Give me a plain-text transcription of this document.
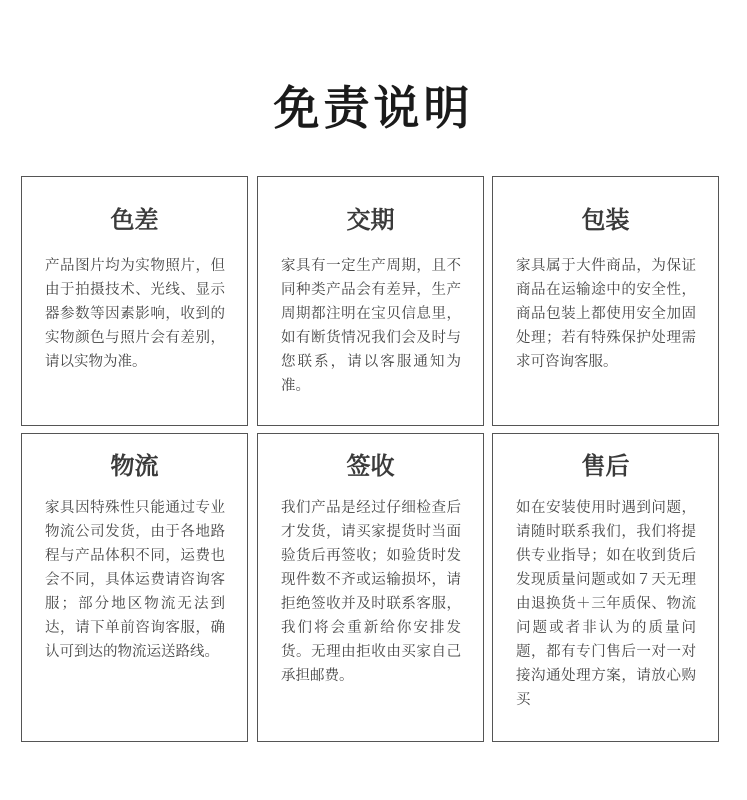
免责说明
色差
产品图片均为实物照片，但由于拍摄技术、光线、显示器参数等因素影响，收到的实物颜色与照片会有差别，请以实物为准。
交期
家具有一定生产周期，且不同种类产品会有差异，生产周期都注明在宝贝信息里，如有断货情况我们会及时与您联系，请以客服通知为准。
包装
家具属于大件商品，为保证商品在运输途中的安全性，商品包装上都使用安全加固处理；若有特殊保护处理需求可咨询客服。
物流
家具因特殊性只能通过专业物流公司发货，由于各地路程与产品体积不同，运费也会不同，具体运费请咨询客服；部分地区物流无法到达，请下单前咨询客服，确认可到达的物流运送路线。
签收
我们产品是经过仔细检查后才发货，请买家提货时当面验货后再签收；如验货时发现件数不齐或运输损坏，请拒绝签收并及时联系客服，我们将会重新给你安排发货。无理由拒收由买家自己承担邮费。
售后
如在安装使用时遇到问题，请随时联系我们，我们将提供专业指导；如在收到货后发现质量问题或如７天无理由退换货＋三年质保、物流问题或者非认为的质量问题，都有专门售后一对一对接沟通处理方案，请放心购买
